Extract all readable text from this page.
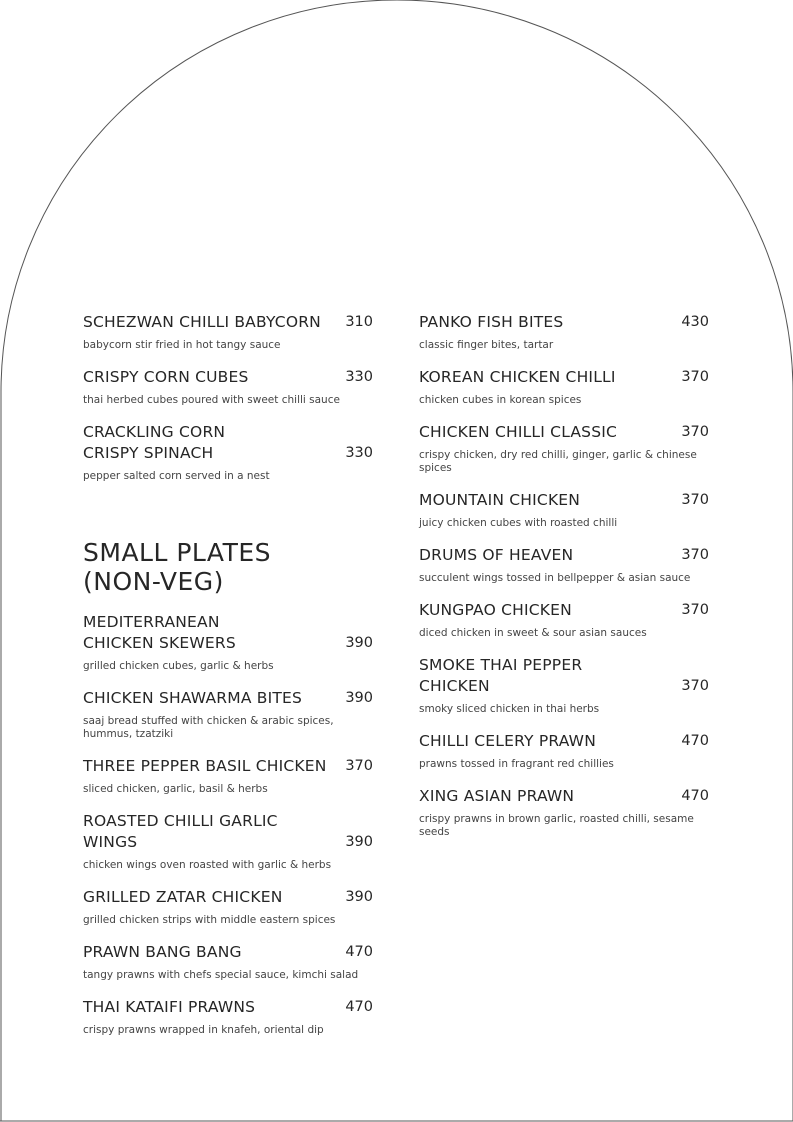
SCHEZWAN CHILLI BABYCORN 310
babycorn stir fried in hot tangy sauce
CRISPY CORN CUBES	330
thai herbed cubes poured with sweet chilli sauce
CRACKLING CORN
CRISPY SPINACH	330
pepper salted corn served in a nest
SMALL PLATES
(NON-VEG)
MEDITERRANEAN
CHICKEN SKEWERS	390
grilled chicken cubes, garlic & herbs
CHICKEN SHAWARMA BITES	390
saaj bread stuffed with chicken & arabic spices,
hummus, tzatziki
THREE PEPPER BASIL CHICKEN 370
sliced chicken, garlic, basil & herbs
ROASTED CHILLI GARLIC
WINGS	390
chicken wings oven roasted with garlic & herbs
GRILLED ZATAR CHICKEN	390
grilled chicken strips with middle eastern spices
PRAWN BANG BANG	470
tangy prawns with chefs special sauce, kimchi salad
THAI KATAIFI PRAWNS	470
crispy prawns wrapped in knafeh, oriental dip
PANKO FISH BITES	430
classic finger bites, tartar
KOREAN CHICKEN CHILLI	370
chicken cubes in korean spices
CHICKEN CHILLI CLASSIC	370
crispy chicken, dry red chilli, ginger, garlic & chinese
spices
MOUNTAIN CHICKEN	370
juicy chicken cubes with roasted chilli
DRUMS OF HEAVEN	370
succulent wings tossed in bellpepper & asian sauce
KUNGPAO CHICKEN	370
diced chicken in sweet & sour asian sauces
SMOKE THAI PEPPER
CHICKEN	370
smoky sliced chicken in thai herbs
CHILLI CELERY PRAWN	470
prawns tossed in fragrant red chillies
XING ASIAN PRAWN	470
crispy prawns in brown garlic, roasted chilli, sesame
seeds
